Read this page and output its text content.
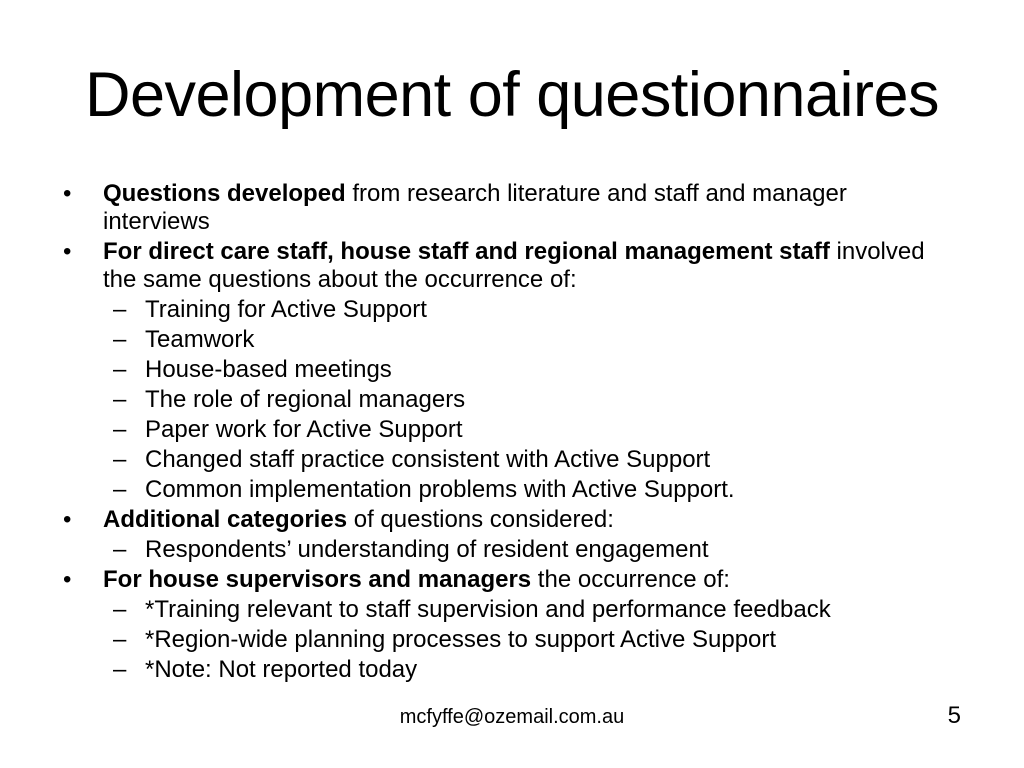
Development of questionnaires
•	Questions developed from research literature and staff and manager interviews
•	For direct care staff, house staff and regional management staff involved the same questions about the occurrence of:
– Training for Active Support
– Teamwork
– House-based meetings
– The role of regional managers
– Paper work for Active Support
– Changed staff practice consistent with Active Support
– Common implementation problems with Active Support.
•	Additional categories of questions considered:
– Respondents’ understanding of resident engagement
•	For house supervisors and managers the occurrence of:
– *Training relevant to staff supervision and performance feedback
– *Region-wide planning processes to support Active Support
– *Note: Not reported today
mcfyffe@ozemail.com.au	5
